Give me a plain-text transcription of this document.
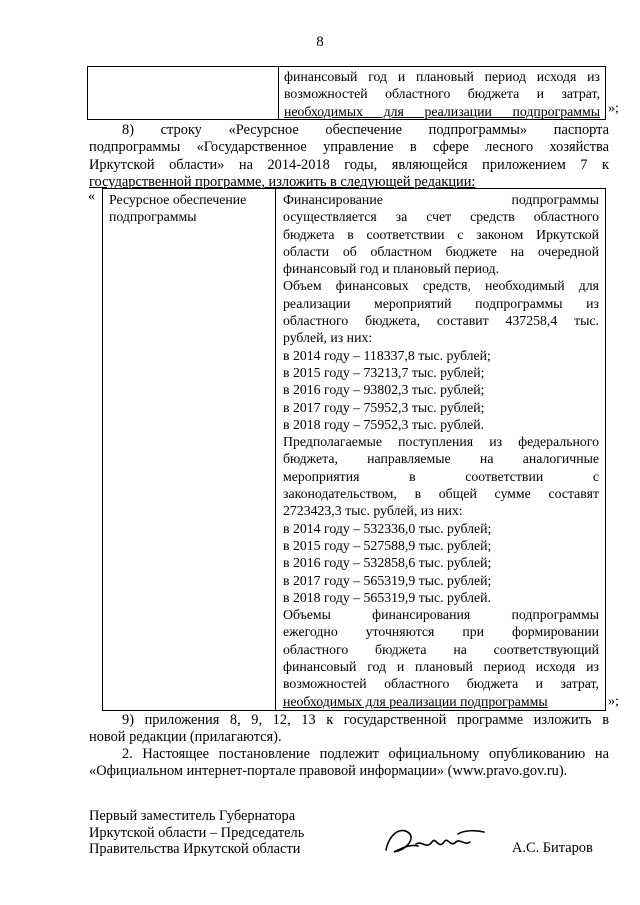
8
финансовый год и плановый период исходя из
возможностей областного бюджета и затрат,
необходимых для реализации подпрограммы »;
8) строку «Ресурсное обеспечение подпрограммы» паспорта
подпрограммы «Государственное управление в сфере лесного хозяйства
Иркутской области» на 2014-2018 годы, являющейся приложением 7 к
государственной программе, изложить в следующей редакции:
« Ресурсное обеспечение
подпрограммы
Финансирование подпрограммы
осуществляется за счет средств областного
бюджета в соответствии с законом Иркутской
области об областном бюджете на очередной
финансовый год и плановый период.
Объем финансовых средств, необходимый для
реализации мероприятий подпрограммы из
областного бюджета, составит 437258,4 тыс.
рублей, из них:
в 2014 году – 118337,8 тыс. рублей;
в 2015 году – 73213,7 тыс. рублей;
в 2016 году – 93802,3 тыс. рублей;
в 2017 году – 75952,3 тыс. рублей;
в 2018 году – 75952,3 тыс. рублей.
Предполагаемые поступления из федерального
бюджета, направляемые на аналогичные
мероприятия в соответствии с
законодательством, в общей сумме составят
2723423,3 тыс. рублей, из них:
в 2014 году – 532336,0 тыс. рублей;
в 2015 году – 527588,9 тыс. рублей;
в 2016 году – 532858,6 тыс. рублей;
в 2017 году – 565319,9 тыс. рублей;
в 2018 году – 565319,9 тыс. рублей.
Объемы финансирования подпрограммы
ежегодно уточняются при формировании
областного бюджета на соответствующий
финансовый год и плановый период исходя из
возможностей областного бюджета и затрат,
необходимых для реализации подпрограммы	»;
9) приложения 8, 9, 12, 13 к государственной программе изложить в
новой редакции (прилагаются).
2. Настоящее постановление подлежит официальному опубликованию на
«Официальном интернет-портале правовой информации» (www.pravo.gov.ru).
Первый заместитель Губернатора
Иркутской области – Председатель
Правительства Иркутской области	А.С. Битаров
